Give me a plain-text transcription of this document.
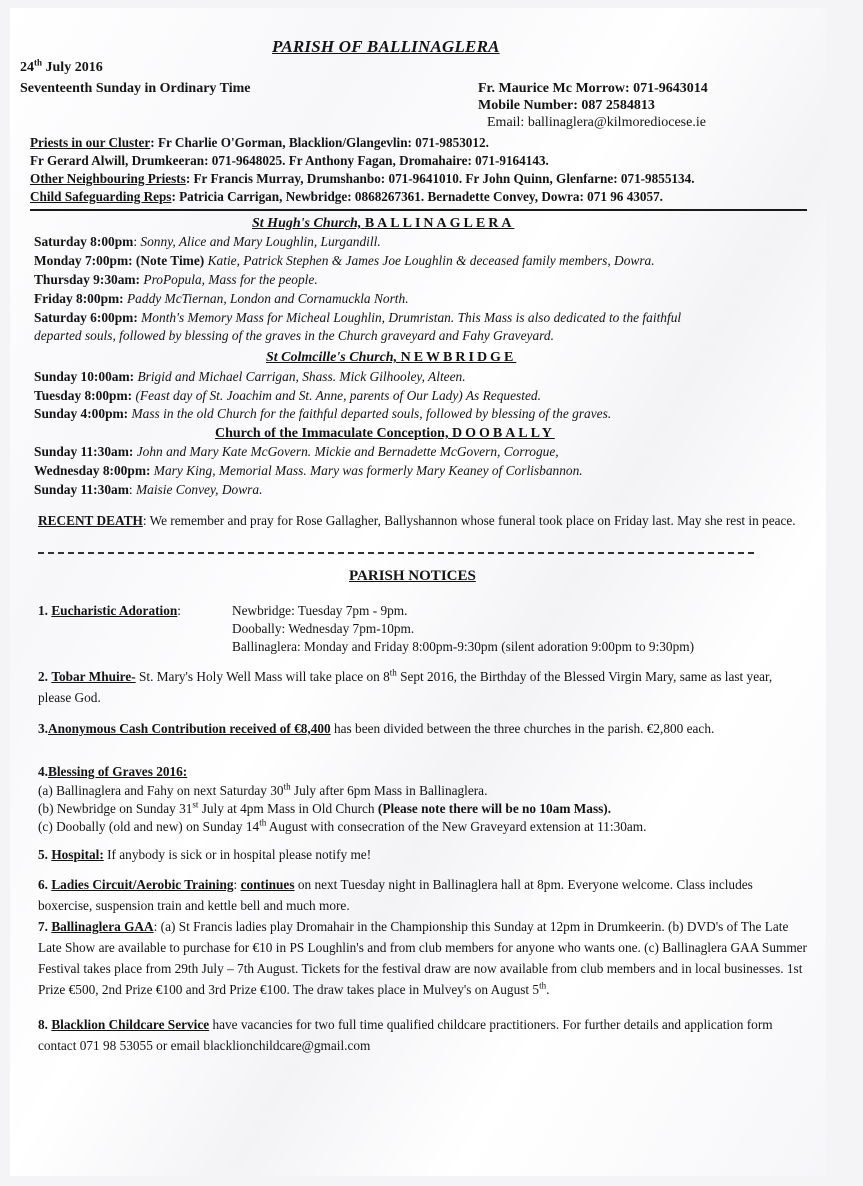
PARISH OF BALLINAGLERA
24th July 2016
Seventeenth Sunday in Ordinary Time	Fr. Maurice Mc Morrow: 071-9643014
Mobile Number: 087 2584813
Email: ballinaglera@kilmorediocese.ie
Priests in our Cluster: Fr Charlie O'Gorman, Blacklion/Glangevlin: 071-9853012.
Fr Gerard Alwill, Drumkeeran: 071-9648025. Fr Anthony Fagan, Dromahaire: 071-9164143.
Other Neighbouring Priests: Fr Francis Murray, Drumshanbo: 071-9641010. Fr John Quinn, Glenfarne: 071-9855134.
Child Safeguarding Reps: Patricia Carrigan, Newbridge: 0868267361. Bernadette Convey, Dowra: 071 96 43057.
St Hugh's Church, BALLINAGLERA
Saturday 8:00pm: Sonny, Alice and Mary Loughlin, Lurgandill.
Monday 7:00pm: (Note Time) Katie, Patrick Stephen & James Joe Loughlin & deceased family members, Dowra.
Thursday 9:30am: ProPopula, Mass for the people.
Friday 8:00pm: Paddy McTiernan, London and Cornamuckla North.
Saturday 6:00pm: Month's Memory Mass for Micheal Loughlin, Drumristan. This Mass is also dedicated to the faithful
departed souls, followed by blessing of the graves in the Church graveyard and Fahy Graveyard.
St Colmcille's Church, NEWBRIDGE
Sunday 10:00am: Brigid and Michael Carrigan, Shass. Mick Gilhooley, Alteen.
Tuesday 8:00pm: (Feast day of St. Joachim and St. Anne, parents of Our Lady) As Requested.
Sunday 4:00pm: Mass in the old Church for the faithful departed souls, followed by blessing of the graves.
Church of the Immaculate Conception, DOOBALLY
Sunday 11:30am: John and Mary Kate McGovern. Mickie and Bernadette McGovern, Corrogue,
Wednesday 8:00pm: Mary King, Memorial Mass. Mary was formerly Mary Keaney of Corlisbannon.
Sunday 11:30am: Maisie Convey, Dowra.
RECENT DEATH: We remember and pray for Rose Gallagher, Ballyshannon whose funeral took place on Friday last. May she rest in peace.
PARISH NOTICES
1. Eucharistic Adoration:	Newbridge: Tuesday 7pm - 9pm.
Doobally: Wednesday 7pm-10pm.
Ballinaglera: Monday and Friday 8:00pm-9:30pm (silent adoration 9:00pm to 9:30pm)
2. Tobar Mhuire- St. Mary's Holy Well Mass will take place on 8th Sept 2016, the Birthday of the Blessed Virgin Mary, same as last year, please God.
3.Anonymous Cash Contribution received of €8,400 has been divided between the three churches in the parish. €2,800 each.
4.Blessing of Graves 2016:
(a) Ballinaglera and Fahy on next Saturday 30th July after 6pm Mass in Ballinaglera.
(b) Newbridge on Sunday 31st July at 4pm Mass in Old Church (Please note there will be no 10am Mass).
(c) Doobally (old and new) on Sunday 14th August with consecration of the New Graveyard extension at 11:30am.
5. Hospital: If anybody is sick or in hospital please notify me!
6. Ladies Circuit/Aerobic Training: continues on next Tuesday night in Ballinaglera hall at 8pm. Everyone welcome. Class includes boxercise, suspension train and kettle bell and much more.
7. Ballinaglera GAA: (a) St Francis ladies play Dromahair in the Championship this Sunday at 12pm in Drumkeerin. (b) DVD's of The Late Late Show are available to purchase for €10 in PS Loughlin's and from club members for anyone who wants one. (c) Ballinaglera GAA Summer Festival takes place from 29th July – 7th August. Tickets for the festival draw are now available from club members and in local businesses. 1st Prize €500, 2nd Prize €100 and 3rd Prize €100. The draw takes place in Mulvey's on August 5th.
8. Blacklion Childcare Service have vacancies for two full time qualified childcare practitioners. For further details and application form contact 071 98 53055 or email blacklionchildcare@gmail.com
